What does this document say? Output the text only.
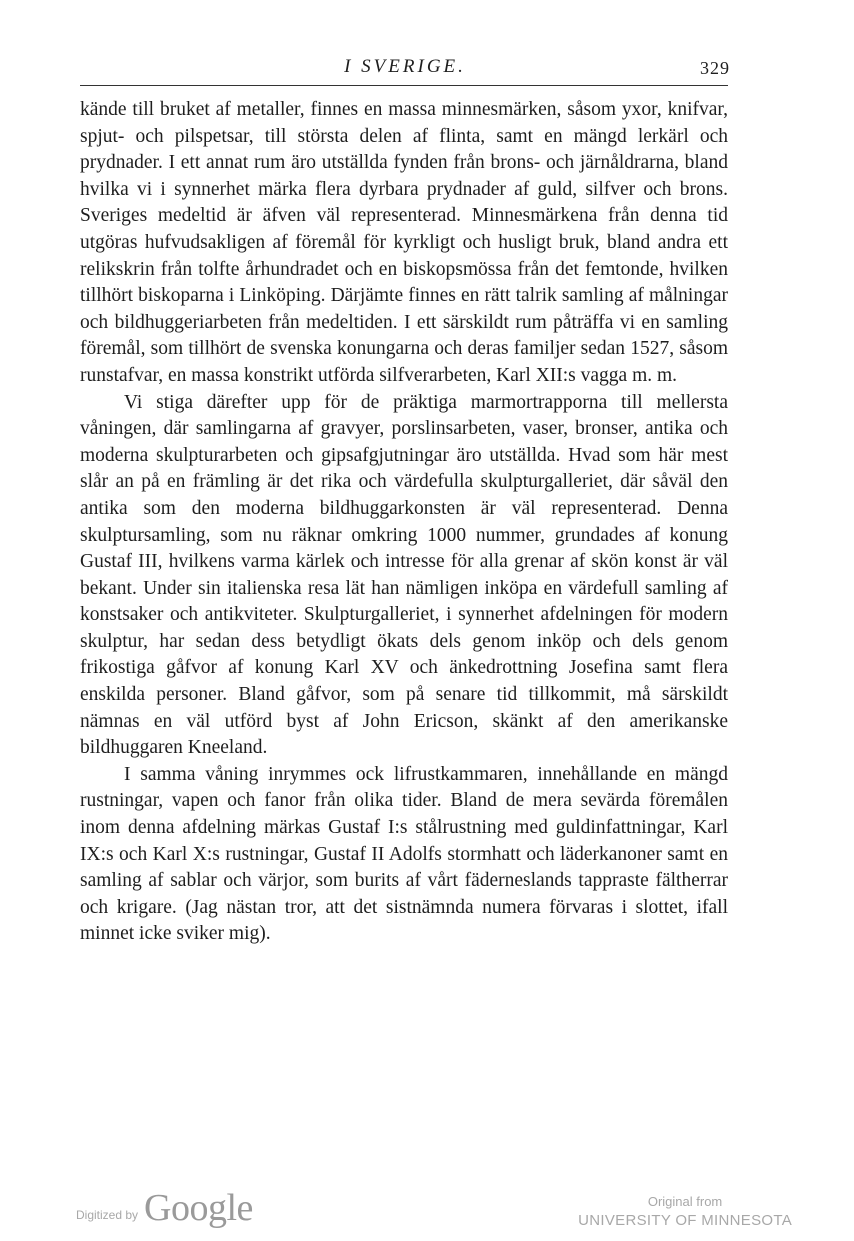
I SVERIGE.	329

kände till bruket af metaller, finnes en massa minnesmärken, såsom yxor, knifvar, spjut- och pilspetsar, till största delen af flinta, samt en mängd lerkärl och prydnader. I ett annat rum äro utställda fynden från brons- och järnåldrarna, bland hvilka vi i synnerhet märka flera dyrbara prydnader af guld, silfver och brons. Sveriges medeltid är äfven väl representerad. Minnesmärkena från denna tid utgöras hufvudsakligen af föremål för kyrkligt och husligt bruk, bland andra ett relikskrin från tolfte århundradet och en biskopsmössa från det femtonde, hvilken tillhört biskoparna i Linköping. Därjämte finnes en rätt talrik samling af målningar och bildhuggeriarbeten från medeltiden. I ett särskildt rum påträffa vi en samling föremål, som tillhört de svenska konungarna och deras familjer sedan 1527, såsom runstafvar, en massa konstrikt utförda silfverarbeten, Karl XII:s vagga m. m.

Vi stiga därefter upp för de präktiga marmortrapporna till mellersta våningen, där samlingarna af gravyer, porslinsarbeten, vaser, bronser, antika och moderna skulpturarbeten och gipsafgjutningar äro utställda. Hvad som här mest slår an på en främling är det rika och värdefulla skulpturgalleriet, där såväl den antika som den moderna bildhuggarkonsten är väl representerad. Denna skulptursamling, som nu räknar omkring 1000 nummer, grundades af konung Gustaf III, hvilkens varma kärlek och intresse för alla grenar af skön konst är väl bekant. Under sin italienska resa lät han nämligen inköpa en värdefull samling af konstsaker och antikviteter. Skulpturgalleriet, i synnerhet afdelningen för modern skulptur, har sedan dess betydligt ökats dels genom inköp och dels genom frikostiga gåfvor af konung Karl XV och änkedrottning Josefina samt flera enskilda personer. Bland gåfvor, som på senare tid tillkommit, må särskildt nämnas en väl utförd byst af John Ericson, skänkt af den amerikanske bildhuggaren Kneeland.

I samma våning inrymmes ock lifrustkammaren, innehållande en mängd rustningar, vapen och fanor från olika tider. Bland de mera sevärda föremålen inom denna afdelning märkas Gustaf I:s stålrustning med guldinfattningar, Karl IX:s och Karl X:s rustningar, Gustaf II Adolfs stormhatt och läderkanoner samt en samling af sablar och värjor, som burits af vårt fäderneslands tappraste fältherrar och krigare. (Jag nästan tror, att det sistnämnda numera förvaras i slottet, ifall minnet icke sviker mig).

Digitized by Google	Original from
UNIVERSITY OF MINNESOTA
